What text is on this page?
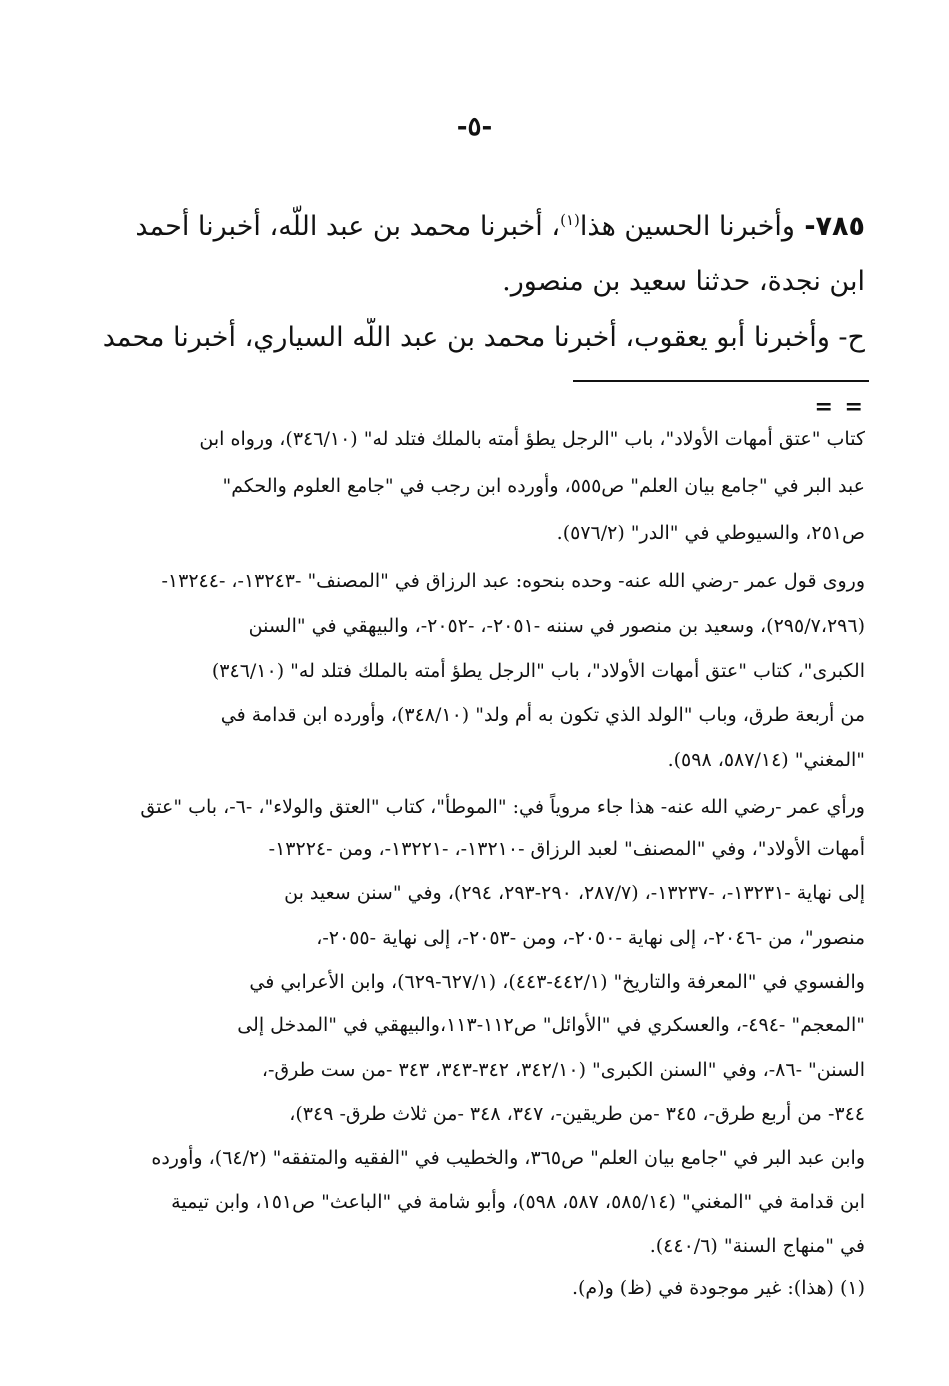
-٥-
٧٨٥- وأخبرنا الحسين هذا$^{(١)}$، أخبرنا محمد بن عبد اللّه، أخبرنا أحمد
ابن نجدة، حدثنا سعيد بن منصور.
ح- وأخبرنا أبو يعقوب، أخبرنا محمد بن عبد اللّه السياري، أخبرنا محمد
= =
كتاب "عتق أمهات الأولاد"، باب "الرجل يطؤ أمته بالملك فتلد له" (٣٤٦/١٠)، ورواه ابن
عبد البر في "جامع بيان العلم" ص٥٥٥، وأورده ابن رجب في "جامع العلوم والحكم"
ص٢٥١، والسيوطي في "الدر" (٥٧٦/٢).
وروى قول عمر -رضي الله عنه- وحده بنحوه: عبد الرزاق في "المصنف" -١٣٢٤٣-، -١٣٢٤٤-
(٢٩٥/٧،٢٩٦)، وسعيد بن منصور في سننه -٢٠٥١-، -٢٠٥٢-، والبيهقي في "السنن
الكبرى"، كتاب "عتق أمهات الأولاد"، باب "الرجل يطؤ أمته بالملك فتلد له" (٣٤٦/١٠)
من أربعة طرق، وباب "الولد الذي تكون به أم ولد" (٣٤٨/١٠)، وأورده ابن قدامة في
"المغني" (٥٨٧/١٤، ٥٩٨).
ورأي عمر -رضي الله عنه- هذا جاء مروياً في: "الموطأ"، كتاب "العتق والولاء"، -٦-، باب "عتق
أمهات الأولاد"، وفي "المصنف" لعبد الرزاق -١٣٢١٠-، -١٣٢٢١-، ومن -١٣٢٢٤-
إلى نهاية -١٣٢٣١-، -١٣٢٣٧-، (٢٨٧/٧، ٢٩٠-٢٩٣، ٢٩٤)، وفي "سنن سعيد بن
منصور"، من -٢٠٤٦-، إلى نهاية -٢٠٥٠-، ومن -٢٠٥٣-، إلى نهاية -٢٠٥٥-،
والفسوي في "المعرفة والتاريخ" (٤٤٢/١-٤٤٣)، (٦٢٧/١-٦٢٩)، وابن الأعرابي في
"المعجم" -٤٩٤-، والعسكري في "الأوائل" ص١١٢-١١٣،والبيهقي في "المدخل إلى
السنن" -٨٦-، وفي "السنن الكبرى" (٣٤٢/١٠، ٣٤٢-٣٤٣، ٣٤٣ -من ست طرق-،
٣٤٤- من أربع طرق-، ٣٤٥ -من طريقين-، ٣٤٧، ٣٤٨ -من ثلاث طرق- ٣٤٩)،
وابن عبد البر في "جامع بيان العلم" ص٣٦٥، والخطيب في "الفقيه والمتفقه" (٦٤/٢)، وأورده
ابن قدامة في "المغني" (٥٨٥/١٤، ٥٨٧، ٥٩٨)، وأبو شامة في "الباعث" ص١٥١، وابن تيمية
في "منهاج السنة" (٤٤٠/٦).
(١) (هذا): غير موجودة في (ظ) و(م).
